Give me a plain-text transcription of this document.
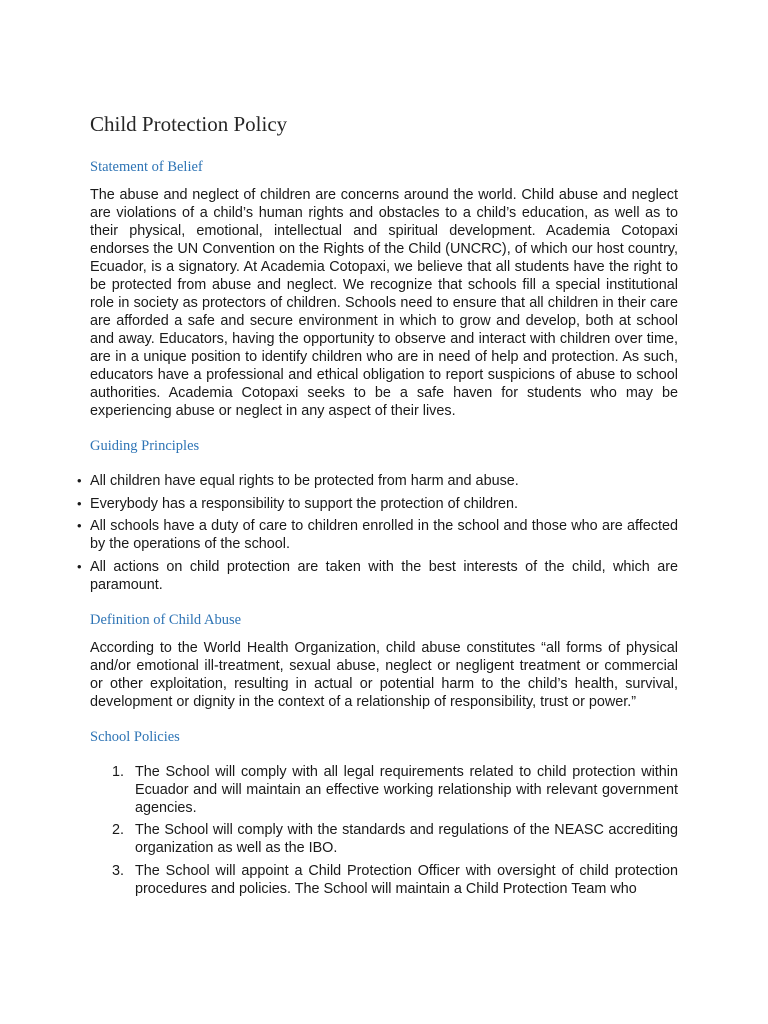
Child Protection Policy
Statement of Belief

The abuse and neglect of children are concerns around the world. Child abuse and neglect are violations of a child’s human rights and obstacles to a child’s education, as well as to their physical, emotional, intellectual and spiritual development. Academia Cotopaxi endorses the UN Convention on the Rights of the Child (UNCRC), of which our host country, Ecuador, is a signatory. At Academia Cotopaxi, we believe that all students have the right to be protected from abuse and neglect. We recognize that schools fill a special institutional role in society as protectors of children. Schools need to ensure that all children in their care are afforded a safe and secure environment in which to grow and develop, both at school and away. Educators, having the opportunity to observe and interact with children over time, are in a unique position to identify children who are in need of help and protection. As such, educators have a professional and ethical obligation to report suspicions of abuse to school authorities. Academia Cotopaxi seeks to be a safe haven for students who may be experiencing abuse or neglect in any aspect of their lives.

Guiding Principles
• All children have equal rights to be protected from harm and abuse.
• Everybody has a responsibility to support the protection of children.
• All schools have a duty of care to children enrolled in the school and those who are affected by the operations of the school.
• All actions on child protection are taken with the best interests of the child, which are paramount.
Definition of Child Abuse

According to the World Health Organization, child abuse constitutes “all forms of physical and/or emotional ill-treatment, sexual abuse, neglect or negligent treatment or commercial or other exploitation, resulting in actual or potential harm to the child’s health, survival, development or dignity in the context of a relationship of responsibility, trust or power.”

School Policies
1. The School will comply with all legal requirements related to child protection within Ecuador and will maintain an effective working relationship with relevant government agencies.
2. The School will comply with the standards and regulations of the NEASC accrediting organization as well as the IBO.
3. The School will appoint a Child Protection Officer with oversight of child protection procedures and policies. The School will maintain a Child Protection Team who
